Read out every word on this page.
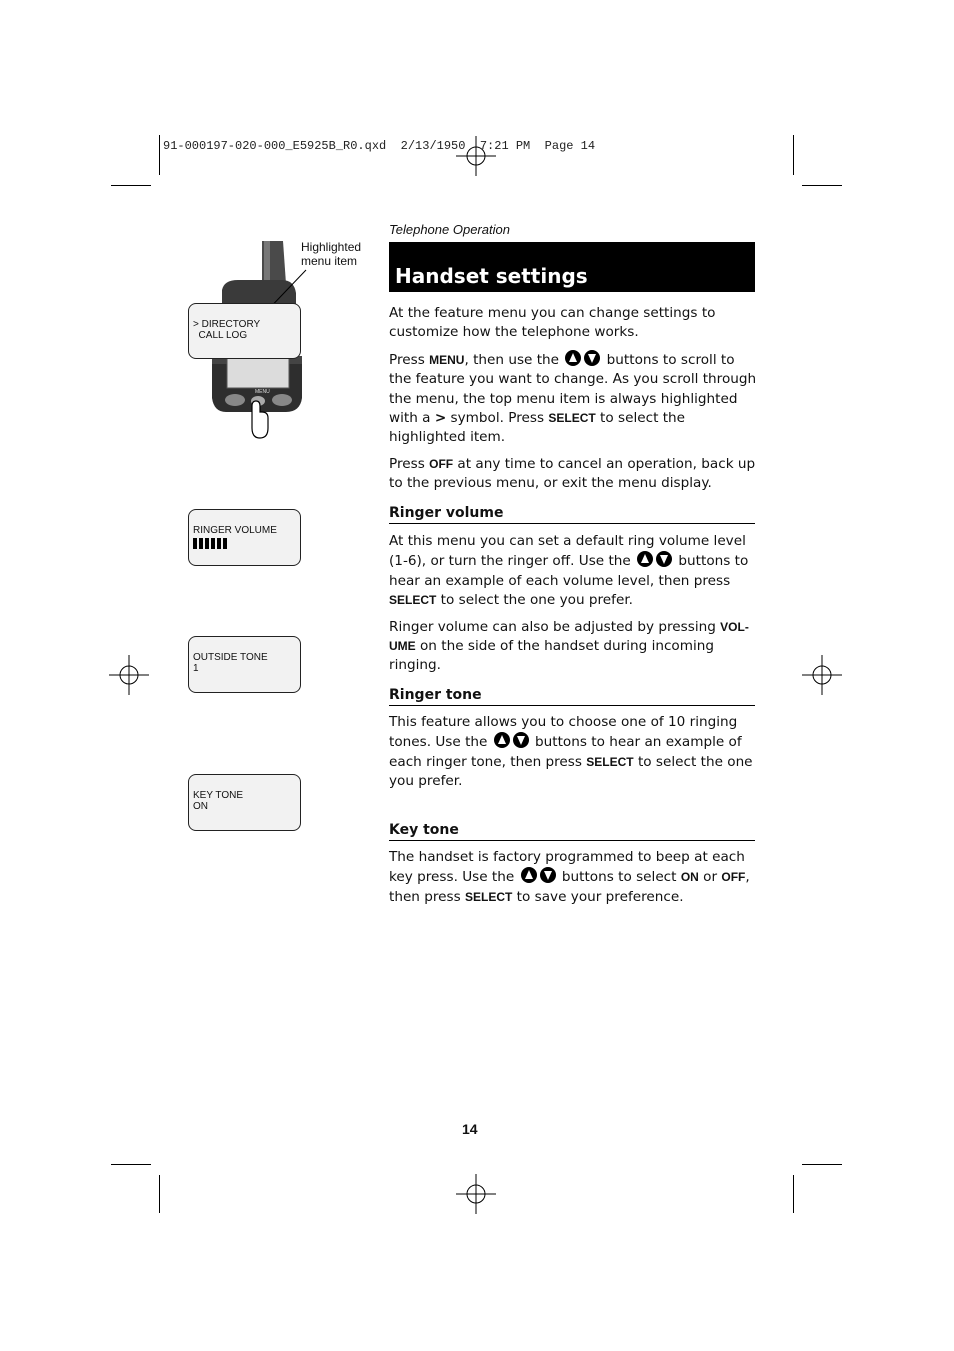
91-000197-020-000_E5925B_R0.qxd  2/13/1950  7:21 PM  Page 14
Telephone Operation
Handset settings

At the feature menu you can change settings to customize how the telephone works.

Press MENU, then use the	buttons to scroll to the feature you want to change. As you scroll through the menu, the top menu item is always highlighted with a > symbol. Press SELECT to select the highlighted item.

Press OFF at any time to cancel an operation, back up to the previous menu, or exit the menu display.

Ringer volume

At this menu you can set a default ring volume level (1-6), or turn the ringer off. Use the	buttons to hear an example of each volume level, then press SELECT to select the one you prefer.

Ringer volume can also be adjusted by pressing VOL-UME on the side of the handset during incoming ringing.

Ringer tone

This feature allows you to choose one of 10 ringing tones. Use the	buttons to hear an example of each ringer tone, then press SELECT to select the one you prefer.

Key tone

The handset is factory programmed to beep at each key press. Use the	buttons to select ON or OFF, then press SELECT to save your preference.

MENU
Highlighted menu item
> DIRECTORY
CALL LOG
RINGER VOLUME
OUTSIDE TONE
1
KEY TONE
ON
14
